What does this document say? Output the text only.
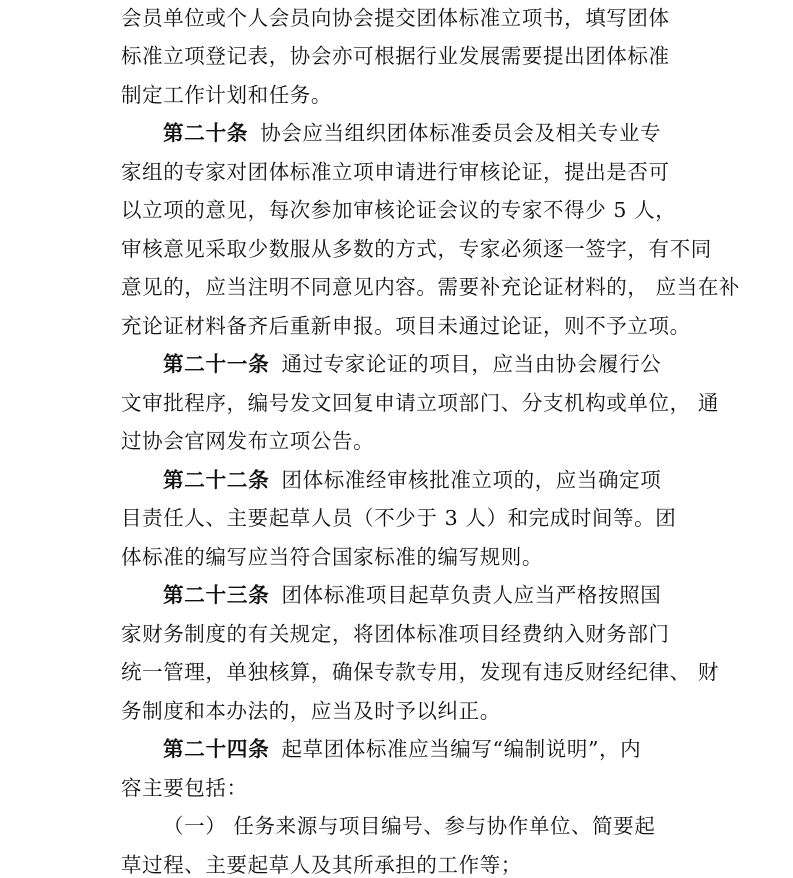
会员单位或个人会员向协会提交团体标准立项书，填写团体
标准立项登记表，协会亦可根据行业发展需要提出团体标准
制定工作计划和任务。
第二十条 协会应当组织团体标准委员会及相关专业专
家组的专家对团体标准立项申请进行审核论证，提出是否可
以立项的意见，每次参加审核论证会议的专家不得少 5 人，
审核意见采取少数服从多数的方式，专家必须逐一签字，有不同
意见的，应当注明不同意见内容。需要补充论证材料的， 应当在补
充论证材料备齐后重新申报。项目未通过论证，则不予立项。
第二十一条 通过专家论证的项目，应当由协会履行公
文审批程序，编号发文回复申请立项部门、分支机构或单位， 通
过协会官网发布立项公告。
第二十二条 团体标准经审核批准立项的，应当确定项
目责任人、主要起草人员（不少于 3 人）和完成时间等。团
体标准的编写应当符合国家标准的编写规则。
第二十三条 团体标准项目起草负责人应当严格按照国
家财务制度的有关规定，将团体标准项目经费纳入财务部门
统一管理，单独核算，确保专款专用，发现有违反财经纪律、 财
务制度和本办法的，应当及时予以纠正。
第二十四条 起草团体标准应当编写“编制说明”，内
容主要包括：
（一） 任务来源与项目编号、参与协作单位、简要起
草过程、主要起草人及其所承担的工作等；
